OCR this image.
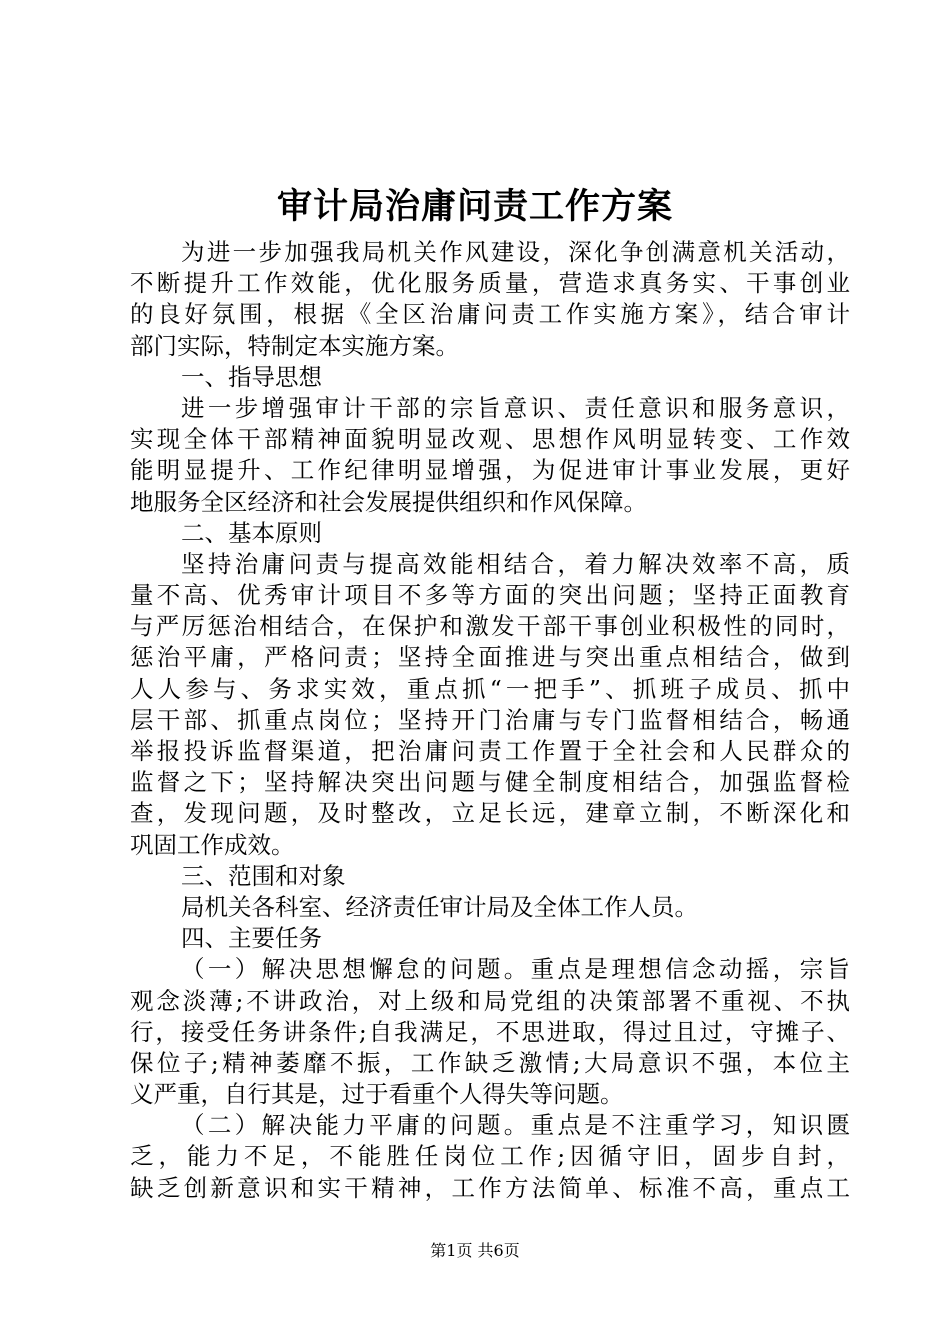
审计局治庸问责工作方案
为进一步加强我局机关作风建设，深化争创满意机关活动，
不断提升工作效能，优化服务质量，营造求真务实、干事创业
的良好氛围，根据《全区治庸问责工作实施方案》，结合审计
部门实际，特制定本实施方案。
一、指导思想
进一步增强审计干部的宗旨意识、责任意识和服务意识，
实现全体干部精神面貌明显改观、思想作风明显转变、工作效
能明显提升、工作纪律明显增强，为促进审计事业发展，更好
地服务全区经济和社会发展提供组织和作风保障。
二、基本原则
坚持治庸问责与提高效能相结合，着力解决效率不高，质
量不高、优秀审计项目不多等方面的突出问题；坚持正面教育
与严厉惩治相结合，在保护和激发干部干事创业积极性的同时，
惩治平庸，严格问责；坚持全面推进与突出重点相结合，做到
人人参与、务求实效，重点抓“一把手”、抓班子成员、抓中
层干部、抓重点岗位；坚持开门治庸与专门监督相结合，畅通
举报投诉监督渠道，把治庸问责工作置于全社会和人民群众的
监督之下；坚持解决突出问题与健全制度相结合，加强监督检
查，发现问题，及时整改，立足长远，建章立制，不断深化和
巩固工作成效。
三、范围和对象
局机关各科室、经济责任审计局及全体工作人员。
四、主要任务
（一）解决思想懈怠的问题。重点是理想信念动摇，宗旨
观念淡薄;不讲政治，对上级和局党组的决策部署不重视、不执
行，接受任务讲条件;自我满足，不思进取，得过且过，守摊子、
保位子;精神萎靡不振，工作缺乏激情;大局意识不强，本位主
义严重，自行其是，过于看重个人得失等问题。
（二）解决能力平庸的问题。重点是不注重学习，知识匮
乏，能力不足，不能胜任岗位工作;因循守旧，固步自封，
缺乏创新意识和实干精神，工作方法简单、标准不高，重点工
第1页 共6页
